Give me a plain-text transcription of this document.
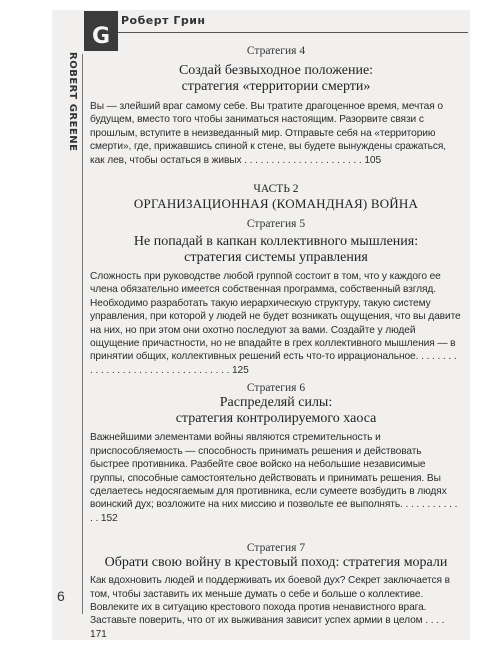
G
Роберт Грин
ROBERT GREENE

Стратегия 4

Создай безвыходное положение:

стратегия «территории смерти»

Вы — злейший враг самому себе. Вы тратите драгоценное время, мечтая о будущем, вместо того чтобы заниматься настоящим. Разорвите связи с прошлым, вступите в неизведанный мир. Отправьте себя на «территорию смерти», где, прижавшись спиной к стене, вы будете вынуждены сражаться, как лев, чтобы остаться в живых . . . . . . . . . . . . . . . . . . . . . . 105

ЧАСТЬ 2

ОРГАНИЗАЦИОННАЯ (КОМАНДНАЯ) ВОЙНА

Стратегия 5

Не попадай в капкан коллективного мышления:

стратегия системы управления

Сложность при руководстве любой группой состоит в том, что у каждого ее члена обязательно имеется собственная программа, собственный взгляд. Необходимо разработать такую иерархическую структуру, такую систему управления, при которой у людей не будет возникать ощущения, что вы давите на них, но при этом они охотно последуют за вами. Создайте у людей ощущение причастности, но не впадайте в грех коллективного мышления — в принятии общих, коллективных решений есть что-то иррациональное. . . . . . . . . . . . . . . . . . . . . . . . . . . . . . . . . . 125

Стратегия 6

Распределяй силы:

стратегия контролируемого хаоса

Важнейшими элементами войны являются стремительность и приспособляемость — способность принимать решения и действовать быстрее противника. Разбейте свое войско на небольшие независимые группы, способные самостоятельно действовать и принимать решения. Вы сделаетесь недосягаемым для противника, если сумеете возбудить в людях воинский дух; возложите на них миссию и позвольте ее выполнять. . . . . . . . . . . . . 152

Стратегия 7

Обрати свою войну в крестовый поход: стратегия морали

Как вдохновить людей и поддерживать их боевой дух? Секрет заключается в том, чтобы заставить их меньше думать о себе и больше о коллективе. Вовлеките их в ситуацию крестового похода против ненавистного врага. Заставьте поверить, что от их выживания зависит успех армии в целом . . . . 171

6
